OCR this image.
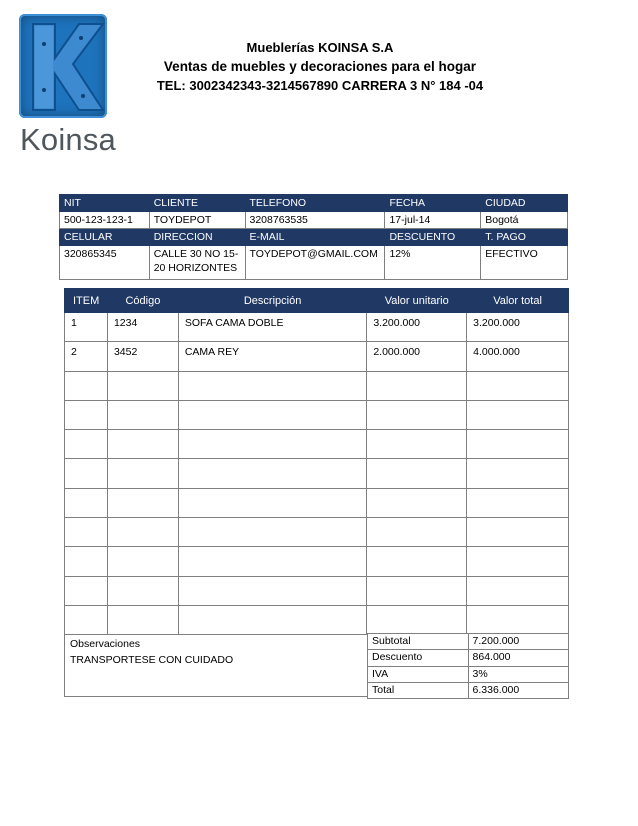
Koinsa
Mueblerías KOINSA S.A
Ventas de muebles y decoraciones para el hogar
TEL: 3002342343-3214567890 CARRERA 3 N° 184 -04
NIT	CLIENTE	TELEFONO	FECHA	CIUDAD
500-123-123-1	TOYDEPOT	3208763535	17-jul-14	Bogotá
CELULAR	DIRECCION	E-MAIL	DESCUENTO	T. PAGO
320865345	CALLE 30 NO 15- 20 HORIZONTES	TOYDEPOT@GMAIL.COM	12%	EFECTIVO
ITEM	Código	Descripción	Valor unitario	Valor total
1	1234	SOFA CAMA DOBLE	3.200.000	3.200.000
2	3452	CAMA REY	2.000.000	4.000.000

Observaciones
TRANSPORTESE CON CUIDADO
Subtotal	7.200.000
Descuento	864.000
IVA	3%
Total	6.336.000
